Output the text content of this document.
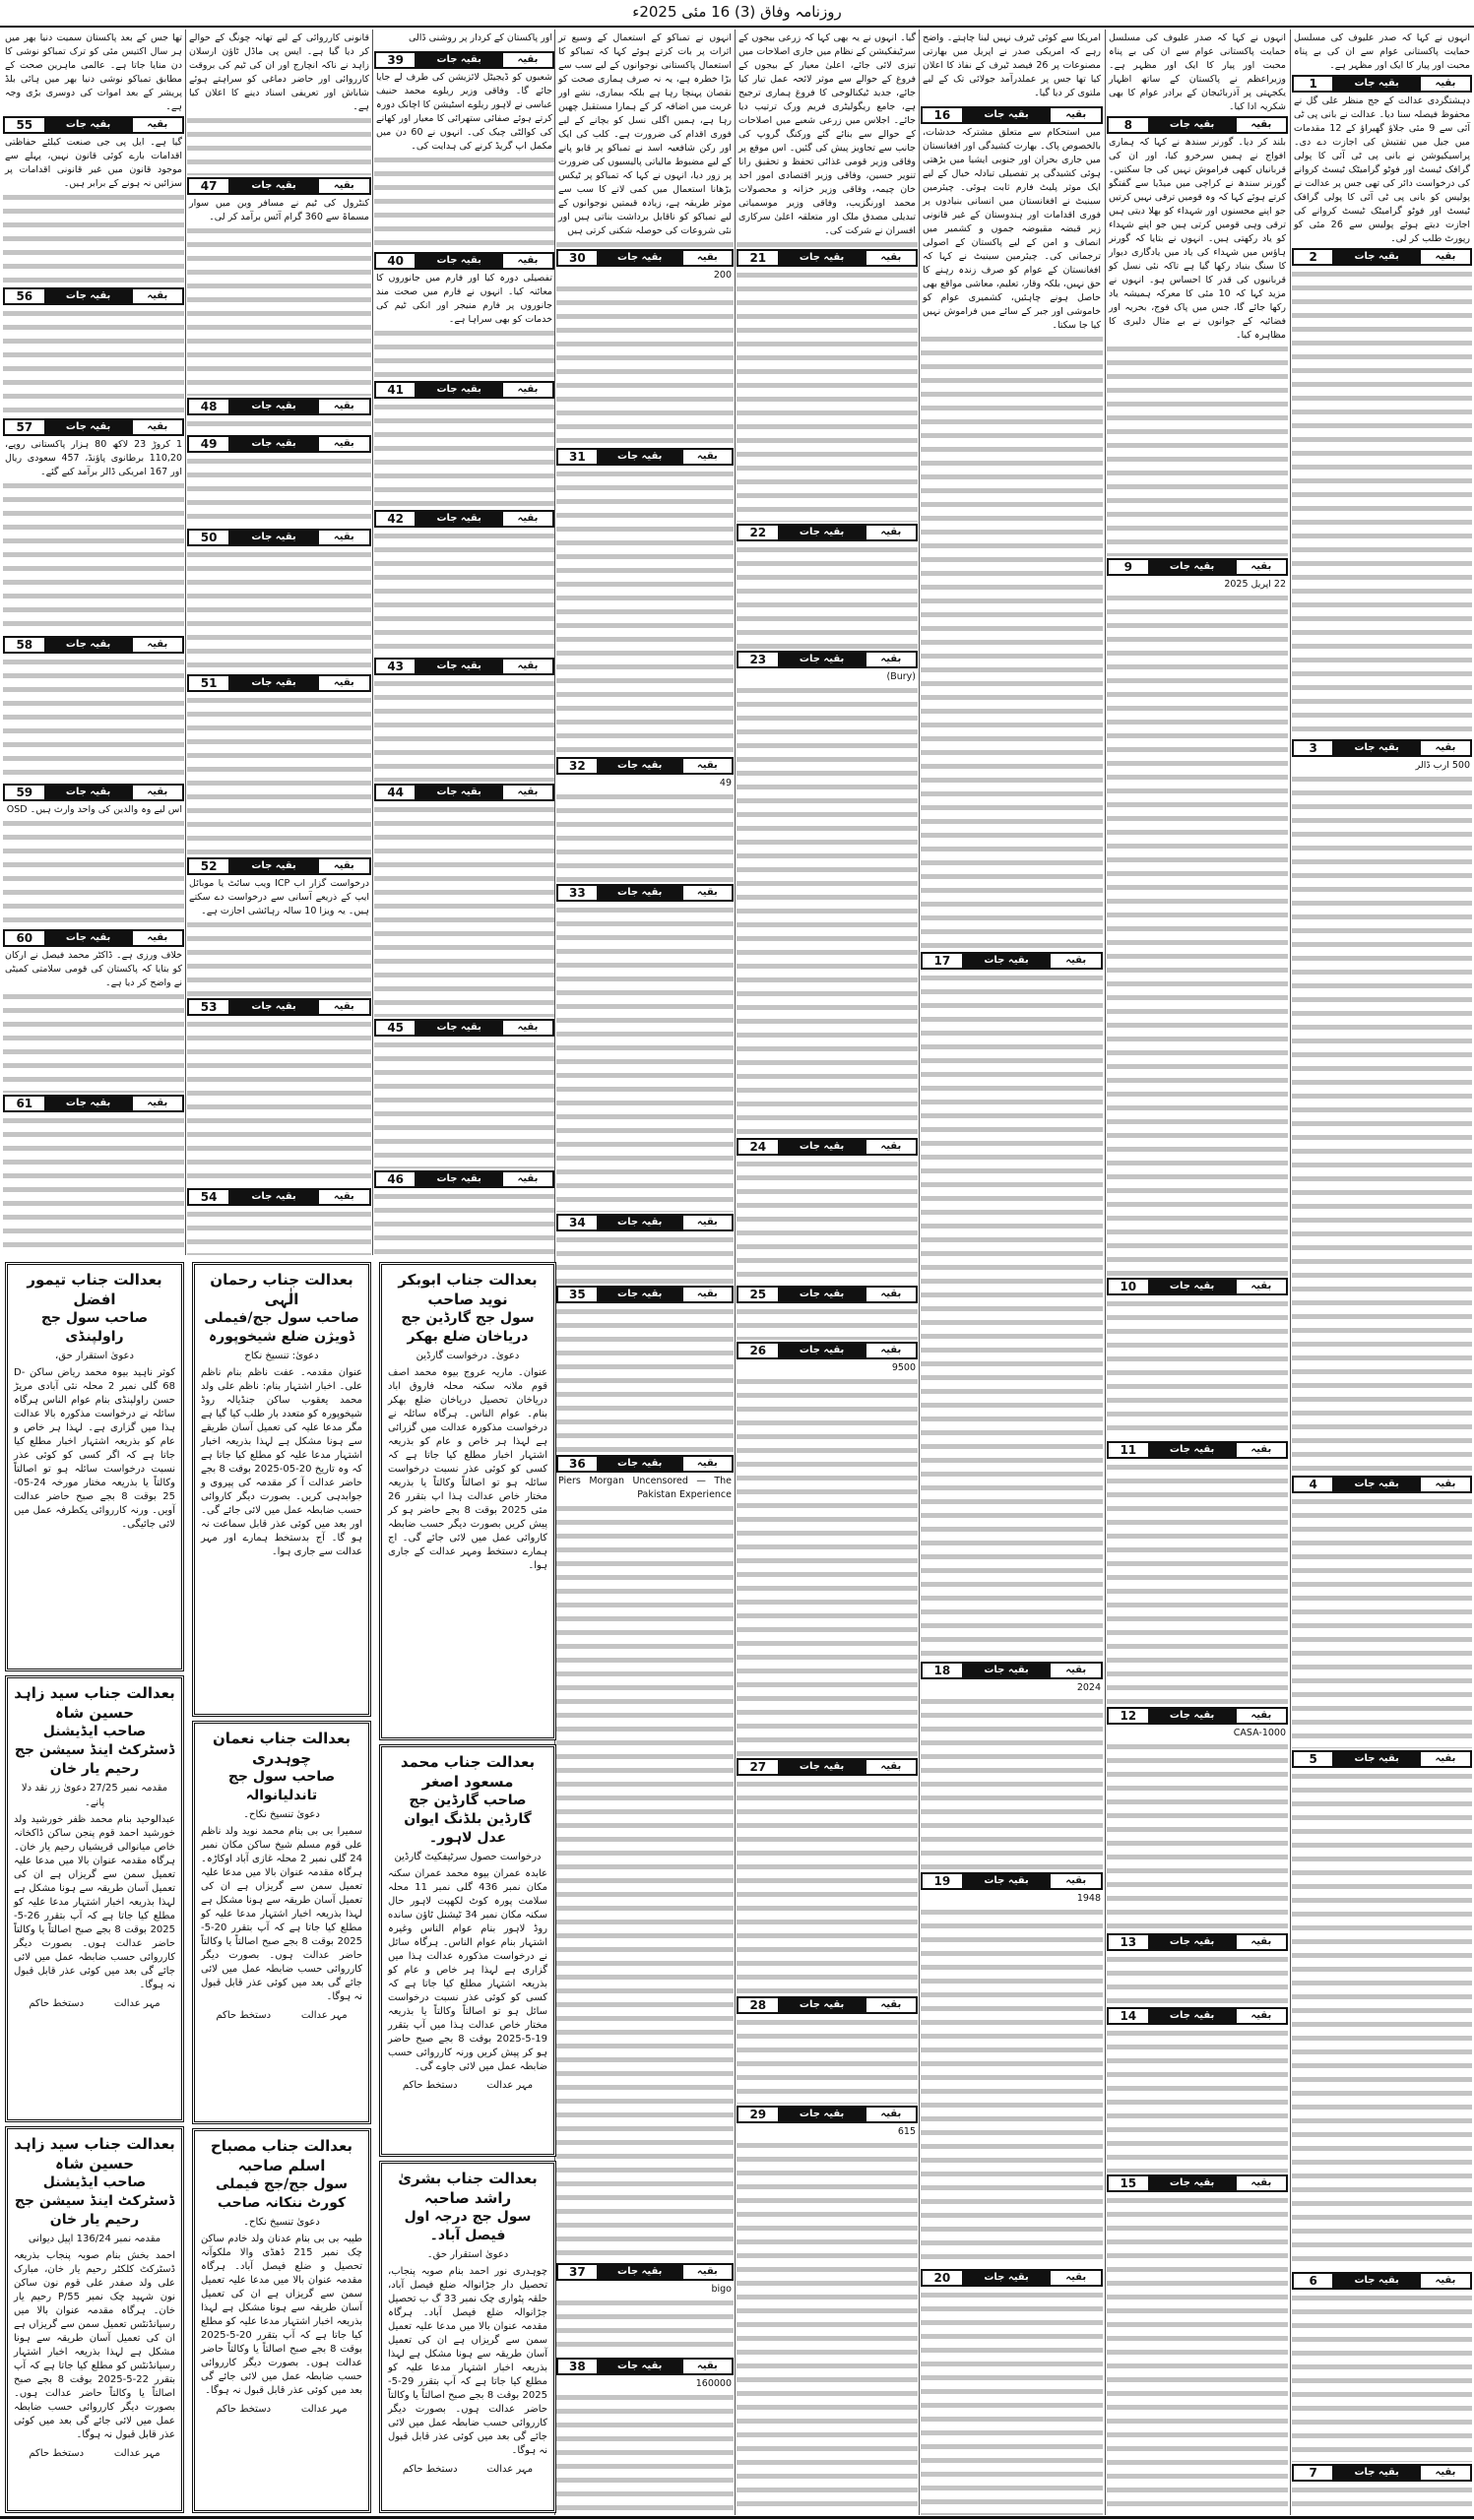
روزنامہ وفاق (3) 16 مئی 2025ء

انہوں نے کہا کہ صدر علیوف کی مسلسل حمایت پاکستانی عوام سے ان کی بے پناہ محبت اور پیار کا ایک اور مظہر ہے۔

بقیہ
بقیہ جات
1

دہشتگردی عدالت کے جج منظر علی گل نے محفوظ فیصلہ سنا دیا۔ عدالت نے بانی پی ٹی آئی سے 9 مئی جلاؤ گھیراؤ کے 12 مقدمات میں جیل میں تفتیش کی اجازت دے دی۔ پراسیکیوشن نے بانی پی ٹی آئی کا پولی گرافک ٹیسٹ اور فوٹو گرامیٹک ٹیسٹ کروانے کی درخواست دائر کی تھی جس پر عدالت نے پولیس کو بانی پی ٹی آئی کا پولی گرافک ٹیسٹ اور فوٹو گرامیٹک ٹیسٹ کروانے کی اجازت دیتے ہوئے پولیس سے 26 مئی کو رپورٹ طلب کر لی۔

بقیہ
بقیہ جات
2
بقیہ
بقیہ جات
3

500 ارب ڈالر

بقیہ
بقیہ جات
4
بقیہ
بقیہ جات
5
بقیہ
بقیہ جات
6
بقیہ
بقیہ جات
7

انہوں نے کہا کہ صدر علیوف کی مسلسل حمایت پاکستانی عوام سے ان کی بے پناہ محبت اور پیار کا ایک اور مظہر ہے۔ وزیراعظم نے پاکستان کے ساتھ اظہار یکجہتی پر آذربائیجان کے برادر عوام کا بھی شکریہ ادا کیا۔

بقیہ
بقیہ جات
8

بلند کر دیا۔ گورنر سندھ نے کہا کہ ہماری افواج نے ہمیں سرخرو کیا، اور ان کی قربانیاں کبھی فراموش نہیں کی جا سکتیں۔ گورنر سندھ نے کراچی میں میڈیا سے گفتگو کرتے ہوئے کہا کہ وہ قومیں ترقی نہیں کرتیں جو اپنے محسنوں اور شہداء کو بھلا دیتی ہیں ترقی وہی قومیں کرتی ہیں جو اپنے شہداء کو یاد رکھتی ہیں۔ انہوں نے بتایا کہ گورنر ہاؤس میں شہداء کی یاد میں یادگاری دیوار کا سنگ بنیاد رکھا گیا ہے تاکہ نئی نسل کو قربانیوں کی قدر کا احساس ہو۔ انہوں نے مزید کہا کہ 10 مئی کا معرکہ ہمیشہ یاد رکھا جائے گا، جس میں پاک فوج، بحریہ اور فضائیہ کے جوانوں نے بے مثال دلیری کا مظاہرہ کیا۔

بقیہ
بقیہ جات
9

22 اپریل 2025

بقیہ
بقیہ جات
10
بقیہ
بقیہ جات
11
بقیہ
بقیہ جات
12

CASA-1000

بقیہ
بقیہ جات
13
بقیہ
بقیہ جات
14
بقیہ
بقیہ جات
15

امریکا سے کوئی ٹیرف نہیں لینا چاہتے۔ واضح رہے کہ امریکی صدر نے اپریل میں بھارتی مصنوعات پر 26 فیصد ٹیرف کے نفاذ کا اعلان کیا تھا جس پر عملدرآمد جولائی تک کے لیے ملتوی کر دیا گیا۔

بقیہ
بقیہ جات
16

میں استحکام سے متعلق مشترکہ خدشات، بالخصوص پاک۔ بھارت کشیدگی اور افغانستان میں جاری بحران اور جنوبی ایشیا میں بڑھتی ہوئی کشیدگی پر تفصیلی تبادلہ خیال کے لیے ایک موثر پلیٹ فارم ثابت ہوئی۔ چیئرمین سینیٹ نے افغانستان میں انسانی بنیادوں پر فوری اقدامات اور ہندوستان کے غیر قانونی زیر قبضہ مقبوضہ جموں و کشمیر میں انصاف و امن کے لیے پاکستان کے اصولی ترجمانی کی۔ چیئرمین سینیٹ نے کہا کہ افغانستان کے عوام کو صرف زندہ رہنے کا حق نہیں، بلکہ وقار، تعلیم، معاشی مواقع بھی حاصل ہونے چاہئیں، کشمیری عوام کو خاموشی اور جبر کے سائے میں فراموش نہیں کیا جا سکتا۔

بقیہ
بقیہ جات
17
بقیہ
بقیہ جات
18

2024

بقیہ
بقیہ جات
19

1948

بقیہ
بقیہ جات
20

گیا۔ انہوں نے یہ بھی کہا کہ زرعی بیجوں کے سرٹیفکیشن کے نظام میں جاری اصلاحات میں تیزی لائی جائے، اعلیٰ معیار کے بیجوں کے فروغ کے حوالے سے موثر لائحہ عمل تیار کیا جائے، جدید ٹیکنالوجی کا فروغ ہماری ترجیح ہے، جامع ریگولیٹری فریم ورک ترتیب دیا جائے۔ اجلاس میں زرعی شعبے میں اصلاحات کے حوالے سے بنائے گئے ورکنگ گروپ کی جانب سے تجاویز پیش کی گئیں۔ اس موقع پر وفاقی وزیر قومی غذائی تحفظ و تحقیق رانا تنویر حسین، وفاقی وزیر اقتصادی امور احد خان چیمہ، وفاقی وزیر خزانہ و محصولات محمد اورنگزیب، وفاقی وزیر موسمیاتی تبدیلی مصدق ملک اور متعلقہ اعلیٰ سرکاری افسران نے شرکت کی۔

بقیہ
بقیہ جات
21
بقیہ
بقیہ جات
22
بقیہ
بقیہ جات
23

(Bury)

بقیہ
بقیہ جات
24
بقیہ
بقیہ جات
25
بقیہ
بقیہ جات
26

9500

بقیہ
بقیہ جات
27
بقیہ
بقیہ جات
28
بقیہ
بقیہ جات
29

615

انہوں نے تمباکو کے استعمال کے وسیع تر اثرات پر بات کرتے ہوئے کہا کہ تمباکو کا استعمال پاکستانی نوجوانوں کے لیے سب سے بڑا خطرہ ہے، یہ نہ صرف ہماری صحت کو نقصان پہنچا رہا ہے بلکہ بیماری، نشے اور غربت میں اضافہ کر کے ہمارا مستقبل چھین رہا ہے، ہمیں اگلی نسل کو بچانے کے لیے فوری اقدام کی ضرورت ہے۔ کلب کی ایک اور رکن شافعیہ اسد نے تمباکو پر قابو پانے کے لیے مضبوط مالیاتی پالیسیوں کی ضرورت پر زور دیا، انہوں نے کہا کہ تمباکو پر ٹیکس بڑھانا استعمال میں کمی لانے کا سب سے موثر طریقہ ہے، زیادہ قیمتیں نوجوانوں کے لیے تمباکو کو ناقابل برداشت بناتی ہیں اور نئی شروعات کی حوصلہ شکنی کرتی ہیں

بقیہ
بقیہ جات
30

200

بقیہ
بقیہ جات
31
بقیہ
بقیہ جات
32

49

بقیہ
بقیہ جات
33
بقیہ
بقیہ جات
34
بقیہ
بقیہ جات
35
بقیہ
بقیہ جات
36

Piers Morgan Uncensored — The Pakistan Experience

بقیہ
بقیہ جات
37

bigo

بقیہ
بقیہ جات
38

160000

اور پاکستان کے کردار پر روشنی ڈالی

بقیہ
بقیہ جات
39

شعبوں کو ڈیجیٹل لائزیشن کی طرف لے جایا جائے گا۔ وفاقی وزیر ریلوے محمد حنیف عباسی نے لاہور ریلوے اسٹیشن کا اچانک دورہ کرتے ہوئے صفائی ستھرائی کا معیار اور کھانے کی کوالٹی چیک کی۔ انہوں نے 60 دن میں مکمل اپ گریڈ کرنے کی ہدایت کی۔

بقیہ
بقیہ جات
40

تفصیلی دورہ کیا اور فارم میں جانوروں کا معائنہ کیا۔ انہوں نے فارم میں صحت مند جانوروں پر فارم منیجر اور انکی ٹیم کی خدمات کو بھی سراہا ہے۔

بقیہ
بقیہ جات
41
بقیہ
بقیہ جات
42
بقیہ
بقیہ جات
43
بقیہ
بقیہ جات
44
بقیہ
بقیہ جات
45
بقیہ
بقیہ جات
46

قانونی کارروائی کے لیے تھانہ چونگ کے حوالے کر دیا گیا ہے۔ ایس پی ماڈل ٹاؤن ارسلان زاہد نے ناکہ انچارج اور ان کی ٹیم کی بروقت کارروائی اور حاضر دماغی کو سراہتے ہوئے شاباش اور تعریفی اسناد دینے کا اعلان کیا ہے۔

بقیہ
بقیہ جات
47

کنٹرول کی ٹیم نے مسافر وین میں سوار مسماۃ سے 360 گرام آئس برآمد کر لی۔

بقیہ
بقیہ جات
48
بقیہ
بقیہ جات
49
بقیہ
بقیہ جات
50
بقیہ
بقیہ جات
51
بقیہ
بقیہ جات
52

درخواست گزار اب ICP ویب سائٹ یا موبائل ایپ کے ذریعے آسانی سے درخواست دے سکتے ہیں۔ یہ ویزا 10 سالہ رہائشی اجازت ہے۔

بقیہ
بقیہ جات
53
بقیہ
بقیہ جات
54

تھا جس کے بعد پاکستان سمیت دنیا بھر میں ہر سال اکتیس مئی کو ترک تمباکو نوشی کا دن منایا جاتا ہے۔ عالمی ماہرین صحت کے مطابق تمباکو نوشی دنیا بھر میں ہائی بلڈ پریشر کے بعد اموات کی دوسری بڑی وجہ ہے۔

بقیہ
بقیہ جات
55

گیا ہے۔ ایل پی جی صنعت کیلئے حفاظتی اقدامات بارے کوئی قانون نہیں، پہلے سے موجود قانون میں غیر قانونی اقدامات پر سزائیں نہ ہونے کے برابر ہیں۔

بقیہ
بقیہ جات
56
بقیہ
بقیہ جات
57

1 کروڑ 23 لاکھ 80 ہزار پاکستانی روپے، 110,20 برطانوی پاؤنڈ، 457 سعودی ریال اور 167 امریکی ڈالر برآمد کیے گئے۔

بقیہ
بقیہ جات
58
بقیہ
بقیہ جات
59

اس لیے وہ والدین کی واحد وارث ہیں۔ OSD

بقیہ
بقیہ جات
60

خلاف ورزی ہے۔ ڈاکٹر محمد فیصل نے ارکان کو بتایا کہ پاکستان کی قومی سلامتی کمیٹی نے واضح کر دیا ہے۔

بقیہ
بقیہ جات
61
بعدالت جناب ابوبکر نوید صاحب
سول جج گارڈین جج دریاخان ضلع بھکر
دعویٰ۔ درخواست گارڈین
عنوان۔ ماریہ عروج بیوہ محمد اصف قوم ملانہ سکنہ محلہ فاروق اباد دریاخان تحصیل دریاخان ضلع بھکر بنام۔ عوام الناس۔ ہرگاہ سائلہ نے درخواست مذکورہ عدالت میں گزرائی ہے لہذا ہر خاص و عام کو بذریعہ اشتہار اخبار مطلع کیا جاتا ہے کہ کسی کو کوئی عذر نسبت درخواست سائلہ ہو تو اصالتاً وکالتاً یا بذریعہ مختار خاص عدالت ہذا اپ بتقرر 26 مئی 2025 بوقت 8 بجے حاضر ہو کر پیش کریں بصورت دیگر حسب ضابطہ کاروائی عمل میں لائی جائے گی۔ اج ہمارے دستخط ومہر عدالت کے جاری ہوا۔
بعدالت جناب رحمان الٰہی
صاحب سول جج/فیملی ڈویژن ضلع شیخوپورہ
دعویٰ: تنسیخ نکاح
عنوان مقدمہ۔ عفت ناظم بنام ناظم علی۔ اخبار اشتہار بنام: ناظم علی ولد محمد یعقوب ساکن جنڈیالہ روڈ شیخوپورہ کو متعدد بار طلب کیا گیا ہے مگر مدعا علیہ کی تعمیل آسان طریقے سے ہونا مشکل ہے لہذا بذریعہ اخبار اشتہار مدعا علیہ کو مطلع کیا جاتا ہے کہ وہ تاریخ 20-05-2025 بوقت 8 بجے حاضر عدالت آ کر مقدمہ کی پیروی و جوابدہی کریں۔ بصورت دیگر کاروائی حسب ضابطہ عمل میں لائی جائے گی۔ اور بعد میں کوئی عذر قابل سماعت نہ ہو گا۔ آج بدستخط ہمارے اور مہر عدالت سے جاری ہوا۔
بعدالت جناب تیمور افضل
صاحب سول جج راولپنڈی
دعویٰ استقرار حق،
کوثر ناہید بیوہ محمد ریاض ساکن D-68 گلی نمبر 2 محلہ نئی آبادی مریڑ حسن راولپنڈی بنام عوام الناس ہرگاہ سائلہ نے درخواست مذکورہ بالا عدالت ہذا میں گزاری ہے۔ لہذا ہر خاص و عام کو بذریعہ اشتہار اخبار مطلع کیا جاتا ہے کہ اگر کسی کو کوئی عذر نسبت درخواست سائلہ ہو تو اصالتاً وکالتاً یا بذریعہ مختار مورخہ 24-05-25 بوقت 8 بجے صبح حاضر عدالت آویں۔ ورنہ کارروائی یکطرفہ عمل میں لائی جائیگی۔
بعدالت جناب محمد مسعود اصغر
صاحب گارڈین جج گارڈین بلڈنگ ایوان عدل لاہور۔
درخواست حصول سرٹیفکیٹ گارڈین
عابدہ عمران بیوہ محمد عمران سکنہ مکان نمبر 436 گلی نمبر 11 محلہ سلامت پورہ کوٹ لکھپت لاہور حال سکنہ مکان نمبر 34 ٹیشنل ٹاؤن سانده روڈ لاہور بنام عوام الناس وغیرہ اشتہار بنام عوام الناس۔ ہرگاہ سائل نے درخواست مذکورہ عدالت ہذا میں گزاری ہے لہذا ہر خاص و عام کو بذریعہ اشتہار مطلع کیا جاتا ہے کہ کسی کو کوئی عذر نسبت درخواست سائل ہو تو اصالتاً وکالتاً یا بذریعہ مختار خاص عدالت ہذا میں آپ بتقرر 19-5-2025 بوقت 8 بجے صبح حاضر ہو کر پیش کریں ورنہ کارروائی حسب ضابطہ عمل میں لائی جاوے گی۔
مہر عدالت
دستخط حاکم
بعدالت جناب نعمان چوہدری
صاحب سول جج تاندلیانوالہ
دعویٰ تنسیخ نکاح۔
سمیرا بی بی بنام محمد نوید ولد ناظم علی قوم مسلم شیخ ساکن مکان نمبر 24 گلی نمبر 2 محلہ غازی آباد اوکاڑہ۔ ہرگاہ مقدمہ عنوان بالا میں مدعا علیہ تعمیل سمن سے گریزاں ہے ان کی تعمیل آسان طریقہ سے ہونا مشکل ہے لہذا بذریعہ اخبار اشتہار مدعا علیہ کو مطلع کیا جاتا ہے کہ آپ بتقرر 20-5-2025 بوقت 8 بجے صبح اصالتاً یا وکالتاً حاضر عدالت ہوں۔ بصورت دیگر کارروائی حسب ضابطہ عمل میں لائی جائے گی بعد میں کوئی عذر قابل قبول نہ ہوگا۔
مہر عدالت
دستخط حاکم
بعدالت جناب سید زاہد حسین شاہ
صاحب ایڈیشنل ڈسٹرکٹ اینڈ سیشن جج رحیم یار خان
مقدمہ نمبر 27/25 دعویٰ زر نقد دلا پانے۔
عبدالوحید بنام محمد ظفر خورشید ولد خورشید احمد قوم پنجن ساکن ڈاکخانہ خاص میانوالی قریشیاں رحیم یار خان۔ ہرگاہ مقدمہ عنوان بالا میں مدعا علیہ تعمیل سمن سے گریزاں ہے ان کی تعمیل آسان طریقہ سے ہونا مشکل ہے لہذا بذریعہ اخبار اشتہار مدعا علیہ کو مطلع کیا جاتا ہے کہ آپ بتقرر 26-5-2025 بوقت 8 بجے صبح اصالتاً یا وکالتاً حاضر عدالت ہوں۔ بصورت دیگر کارروائی حسب ضابطہ عمل میں لائی جائے گی بعد میں کوئی عذر قابل قبول نہ ہوگا۔
مہر عدالت
دستخط حاکم
بعدالت جناب بشریٰ راشد صاحبہ
سول جج درجہ اول فیصل آباد۔
دعویٰ استقرار حق۔
چوہدری نور احمد بنام صوبہ پنجاب، تحصیل دار جڑانوالہ ضلع فیصل آباد، حلقہ پٹواری چک نمبر 33 گ ب تحصیل جڑانوالہ ضلع فیصل آباد۔ ہرگاہ مقدمہ عنوان بالا میں مدعا علیہ تعمیل سمن سے گریزاں ہے ان کی تعمیل آسان طریقہ سے ہونا مشکل ہے لہذا بذریعہ اخبار اشتہار مدعا علیہ کو مطلع کیا جاتا ہے کہ آپ بتقرر 29-5-2025 بوقت 8 بجے صبح اصالتاً یا وکالتاً حاضر عدالت ہوں۔ بصورت دیگر کارروائی حسب ضابطہ عمل میں لائی جائے گی بعد میں کوئی عذر قابل قبول نہ ہوگا۔
مہر عدالت
دستخط حاکم
بعدالت جناب مصباح اسلم صاحبہ
سول جج/جج فیملی کورٹ ننکانہ صاحب
دعویٰ تنسیخ نکاح۔
طیبہ بی بی بنام عدنان ولد خادم ساکن چک نمبر 215 ڈھڈی والا ملکوآنہ تحصیل و ضلع فیصل آباد۔ ہرگاہ مقدمہ عنوان بالا میں مدعا علیہ تعمیل سمن سے گریزاں ہے ان کی تعمیل آسان طریقہ سے ہونا مشکل ہے لہذا بذریعہ اخبار اشتہار مدعا علیہ کو مطلع کیا جاتا ہے کہ آپ بتقرر 20-5-2025 بوقت 8 بجے صبح اصالتاً یا وکالتاً حاضر عدالت ہوں۔ بصورت دیگر کارروائی حسب ضابطہ عمل میں لائی جائے گی بعد میں کوئی عذر قابل قبول نہ ہوگا۔
مہر عدالت
دستخط حاکم
بعدالت جناب سید زاہد حسین شاہ
صاحب ایڈیشنل ڈسٹرکٹ اینڈ سیشن جج رحیم یار خان
مقدمہ نمبر 136/24 اپیل دیوانی
احمد بخش بنام صوبہ پنجاب بذریعہ ڈسٹرکٹ کلکٹر رحیم یار خان، مبارک علی ولد صفدر علی قوم نون ساکن نون شہید چک نمبر 55/P رحیم یار خان۔ ہرگاہ مقدمہ عنوان بالا میں رسپانڈنٹس تعمیل سمن سے گریزاں ہے ان کی تعمیل آسان طریقہ سے ہونا مشکل ہے لہذا بذریعہ اخبار اشتہار رسپانڈنٹس کو مطلع کیا جاتا ہے کہ آپ بتقرر 22-5-2025 بوقت 8 بجے صبح اصالتاً یا وکالتاً حاضر عدالت ہوں۔ بصورت دیگر کارروائی حسب ضابطہ عمل میں لائی جائے گی بعد میں کوئی عذر قابل قبول نہ ہوگا۔
مہر عدالت
دستخط حاکم
